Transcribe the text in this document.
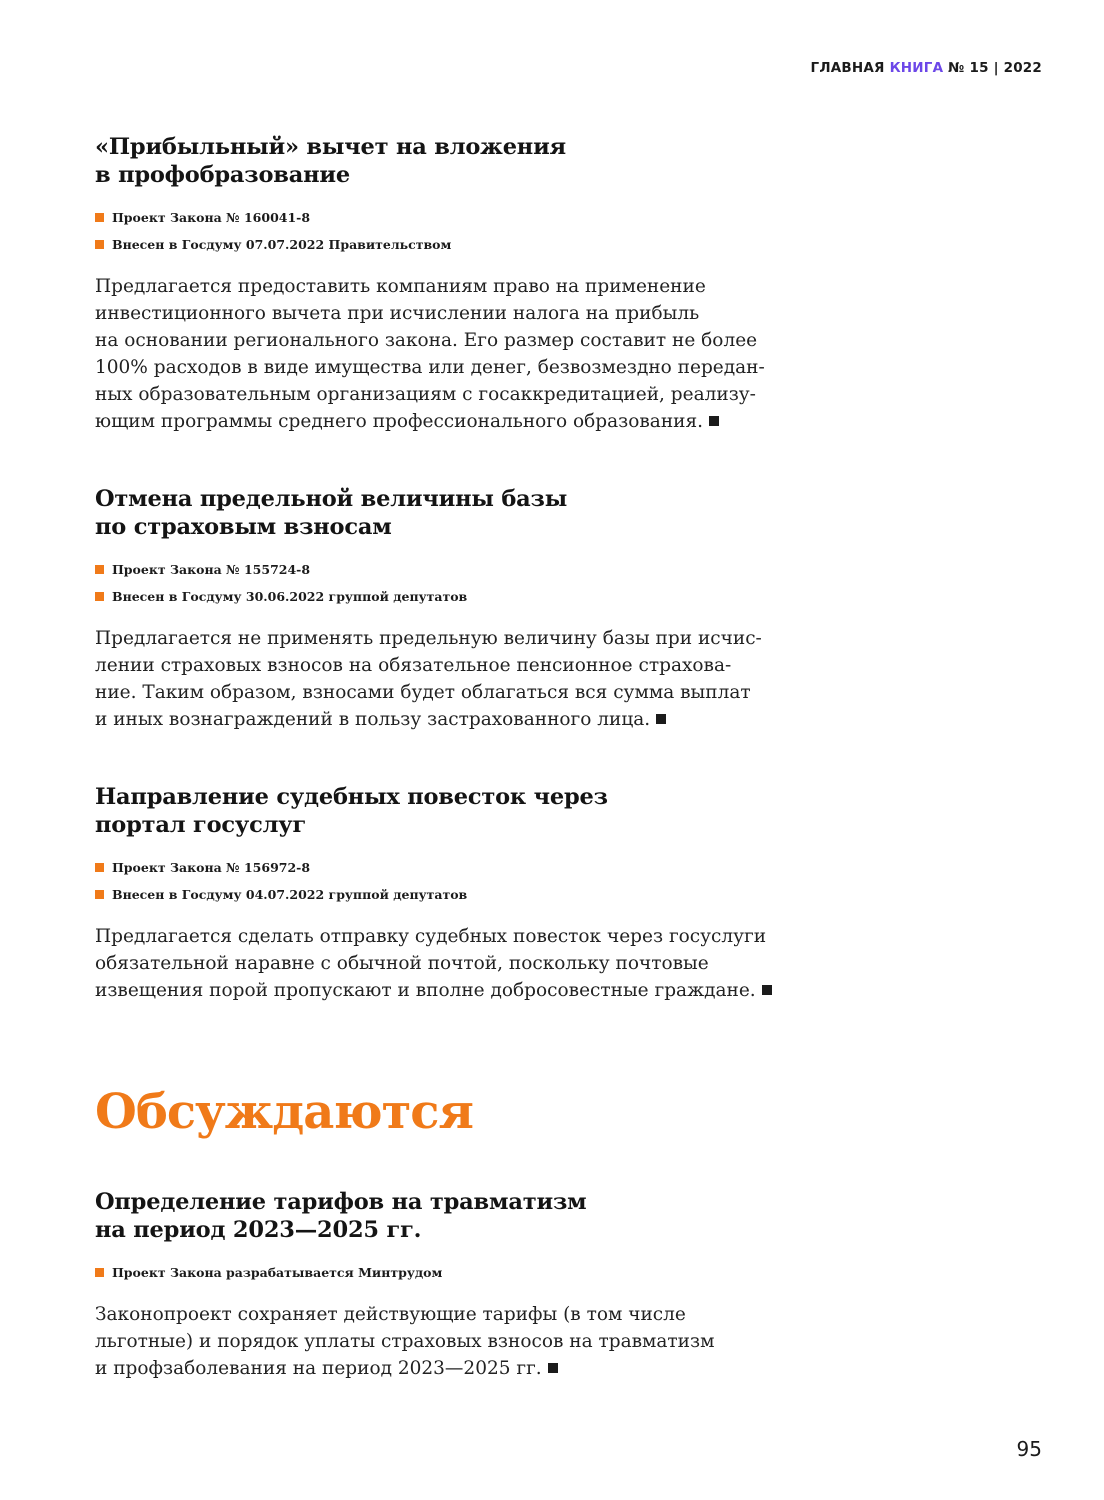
ГЛАВНАЯ КНИГА № 15 | 2022
«Прибыльный» вычет на вложения
в профобразование
Проект Закона № 160041-8
Внесен в Госдуму 07.07.2022 Правительством
Предлагается предоставить компаниям право на применение
инвестиционного вычета при исчислении налога на прибыль
на основании регионального закона. Его размер составит не более
100% расходов в виде имущества или денег, безвозмездно передан-
ных образовательным организациям с госаккредитацией, реализу-
ющим программы среднего профессионального образования.
Отмена предельной величины базы
по страховым взносам
Проект Закона № 155724-8
Внесен в Госдуму 30.06.2022 группой депутатов
Предлагается не применять предельную величину базы при исчис-
лении страховых взносов на обязательное пенсионное страхова-
ние. Таким образом, взносами будет облагаться вся сумма выплат
и иных вознаграждений в пользу застрахованного лица.
Направление судебных повесток через
портал госуслуг
Проект Закона № 156972-8
Внесен в Госдуму 04.07.2022 группой депутатов
Предлагается сделать отправку судебных повесток через госуслуги
обязательной наравне с обычной почтой, поскольку почтовые
извещения порой пропускают и вполне добросовестные граждане.
Обсуждаются
Определение тарифов на травматизм
на период 2023—2025 гг.
Проект Закона разрабатывается Минтрудом
Законопроект сохраняет действующие тарифы (в том числе
льготные) и порядок уплаты страховых взносов на травматизм
и профзаболевания на период 2023—2025 гг.
95
